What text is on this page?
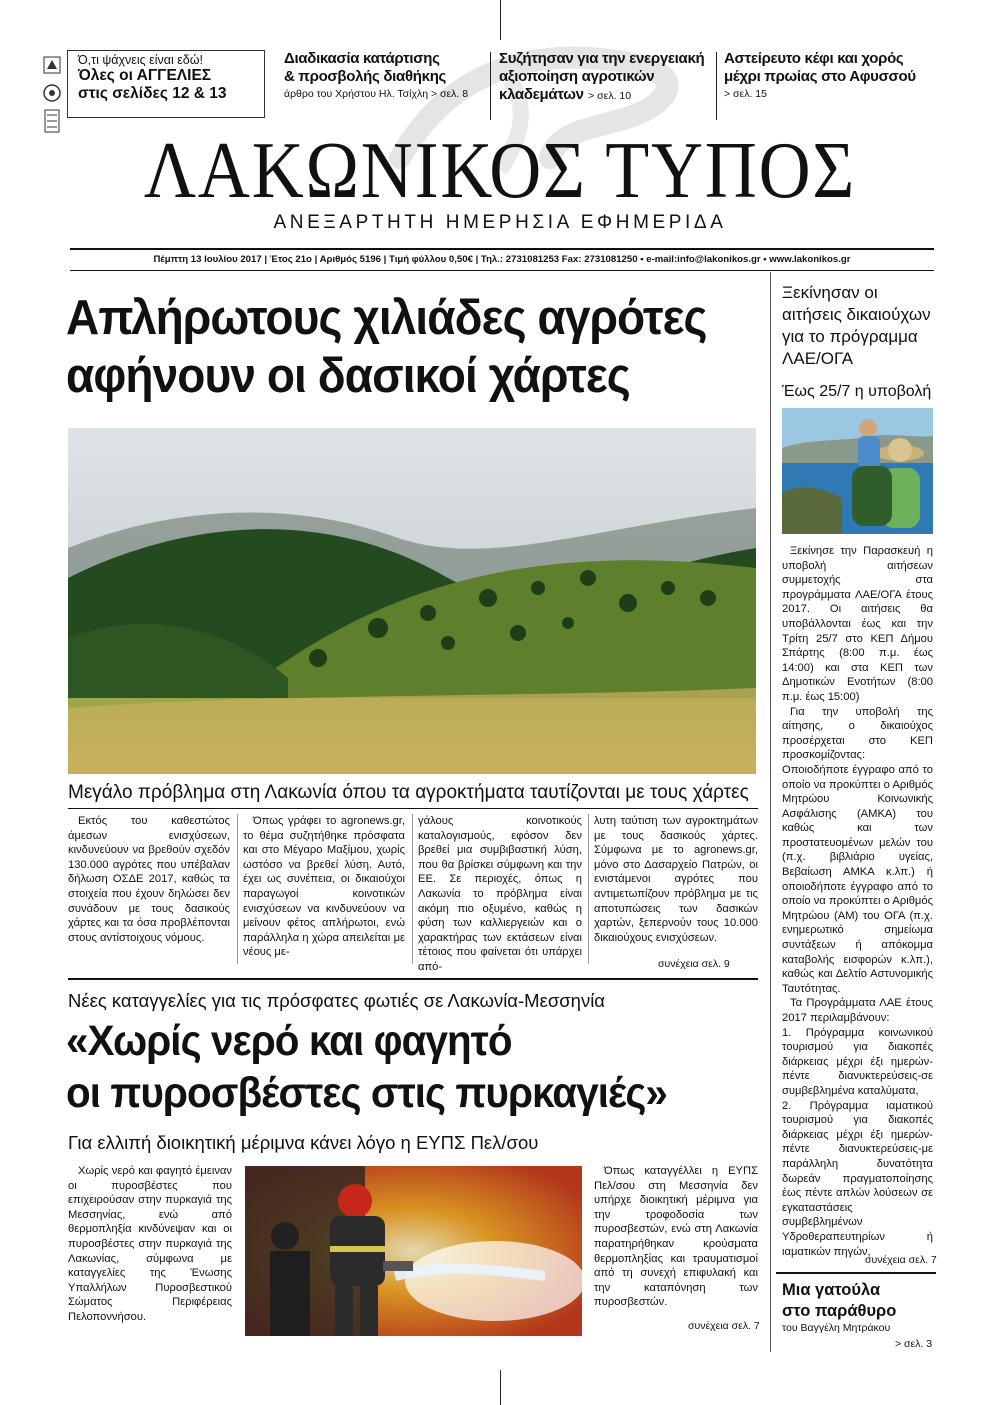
Ό,τι ψάχνεις είναι εδώ!
Όλες οι ΑΓΓΕΛΙΕΣ
στις σελίδες 12 & 13
Διαδικασία κατάρτισης
& προσβολής διαθήκης
άρθρο του Χρήστου Ηλ. Τσίχλη > σελ. 8
Συζήτησαν για την ενεργειακή
αξιοποίηση αγροτικών
κλαδεμάτων > σελ. 10
Αστείρευτο κέφι και χορός
μέχρι πρωίας στο Αφυσσού
> σελ. 15
ΛΑΚΩΝΙΚΟΣ ΤΥΠΟΣ
ΑΝΕΞΑΡΤΗΤΗ ΗΜΕΡΗΣΙΑ ΕΦΗΜΕΡΙΔΑ
Πέμπτη 13 Ιουλίου 2017 | Έτος 21ο | Αριθμός 5196 | Τιμή φύλλου 0,50€ | Τηλ.: 2731081253 Fax: 2731081250 • e-mail:info@lakonikos.gr • www.lakonikos.gr
Απλήρωτους χιλιάδες αγρότες
αφήνουν οι δασικοί χάρτες
Μεγάλο πρόβλημα στη Λακωνία όπου τα αγροκτήματα ταυτίζονται με τους χάρτες
Εκτός του καθεστώτος άμεσων ενισχύσεων, κινδυνεύουν να βρεθούν σχεδόν 130.000 αγρότες που υπέβαλαν δήλωση ΟΣΔΕ 2017, καθώς τα στοιχεία που έχουν δηλώσει δεν συνάδουν με τους δασικούς χάρτες και τα όσα προβλέπονται στους αντίστοιχους νόμους.
Όπως γράφει το agronews.gr, το θέμα συζητήθηκε πρόσφατα και στο Μέγαρο Μαξίμου, χωρίς ωστόσο να βρεθεί λύση. Αυτό, έχει ως συνέπεια, οι δικαιούχοι παραγωγοί κοινοτικών ενισχύσεων να κινδυνεύουν να μείνουν φέτος απλήρωτοι, ενώ παράλληλα η χώρα απειλείται με νέους με-
γάλους κοινοτικούς καταλογισμούς, εφόσον δεν βρεθεί μια συμβιβαστική λύση, που θα βρίσκει σύμφωνη και την ΕΕ. Σε περιοχές, όπως η Λακωνία το πρόβλημα είναι ακόμη πιο οξυμένο, καθώς η φύση των καλλιεργειών και ο χαρακτήρας των εκτάσεων είναι τέτοιος που φαίνεται ότι υπάρχει από-
λυτη ταύτιση των αγροκτημάτων με τους δασικούς χάρτες. Σύμφωνα με το agronews.gr, μόνο στο Δασαρχείο Πατρών, οι ενιστάμενοι αγρότες που αντιμετωπίζουν πρόβλημα με τις αποτυπώσεις των δασικών χαρτών, ξεπερνούν τους 10.000 δικαιούχους ενισχύσεων.
συνέχεια σελ. 9
Νέες καταγγελίες για τις πρόσφατες φωτιές σε Λακωνία-Μεσσηνία
«Χωρίς νερό και φαγητό
οι πυροσβέστες στις πυρκαγιές»
Για ελλιπή διοικητική μέριμνα κάνει λόγο η ΕΥΠΣ Πελ/σου
Χωρίς νερό και φαγητό έμειναν οι πυροσβέστες που επιχειρούσαν στην πυρκαγιά της Μεσσηνίας, ενώ από θερμοπληξία κινδύνεψαν και οι πυροσβέστες στην πυρκαγιά της Λακωνίας, σύμφωνα με καταγγελίες της Ένωσης Υπαλλήλων Πυροσβεστικού Σώματος Περιφέρειας Πελοποννήσου.
Όπως καταγγέλλει η ΕΥΠΣ Πελ/σου στη Μεσσηνία δεν υπήρχε διοικητική μέριμνα για την τροφοδοσία των πυροσβεστών, ενώ στη Λακωνία παρατηρήθηκαν κρούσματα θερμοπληξίας και τραυματισμοί από τη συνεχή επιφυλακή και την καταπόνηση των πυροσβεστών.
συνέχεια σελ. 7
Ξεκίνησαν οι αιτήσεις δικαιούχων για το πρόγραμμα ΛΑΕ/ΟΓΑ
Έως 25/7 η υποβολή

Ξεκίνησε την Παρασκευή η υποβολή αιτήσεων συμμετοχής στα προγράμματα ΛΑΕ/ΟΓΑ έτους 2017. Οι αιτήσεις θα υποβάλλονται έως και την Τρίτη 25/7 στο ΚΕΠ Δήμου Σπάρτης (8:00 π.μ. έως 14:00) και στα ΚΕΠ των Δημοτικών Ενοτήτων (8:00 π.μ. έως 15:00)

Για την υποβολή της αίτησης, ο δικαιούχος προσέρχεται στο ΚΕΠ προσκομίζοντας: Οποιοδήποτε έγγραφο από το οποίο να προκύπτει ο Αριθμός Μητρώου Κοινωνικής Ασφάλισης (ΑΜΚΑ) του καθώς και των προστατευομένων μελών του (π.χ. βιβλιάριο υγείας, Βεβαίωση ΑΜΚΑ κ.λπ.) ή οποιοδήποτε έγγραφο από το οποίο να προκύπτει ο Αριθμός Μητρώου (ΑΜ) του ΟΓΑ (π.χ. ενημερωτικό σημείωμα συντάξεων ή απόκομμα καταβολής εισφορών κ.λπ.), καθώς και Δελτίο Αστυνομικής Ταυτότητας.

Τα Προγράμματα ΛΑΕ έτους 2017 περιλαμβάνουν:

1. Πρόγραμμα κοινωνικού τουρισμού για διακοπές διάρκειας μέχρι έξι ημερών-πέντε διανυκτερεύσεις-σε συμβεβλημένα καταλύματα,

2. Πρόγραμμα ιαματικού τουρισμού για διακοπές διάρκειας μέχρι έξι ημερών-πέντε διανυκτερεύσεις-με παράλληλη δυνατότητα δωρεάν πραγματοποίησης έως πέντε απλών λούσεων σε εγκαταστάσεις συμβεβλημένων Υδροθεραπευτηρίων ή ιαματικών πηγών,

συνέχεια σελ. 7
Μια γατούλα
στο παράθυρο
του Βαγγέλη Μητράκου
> σελ. 3
